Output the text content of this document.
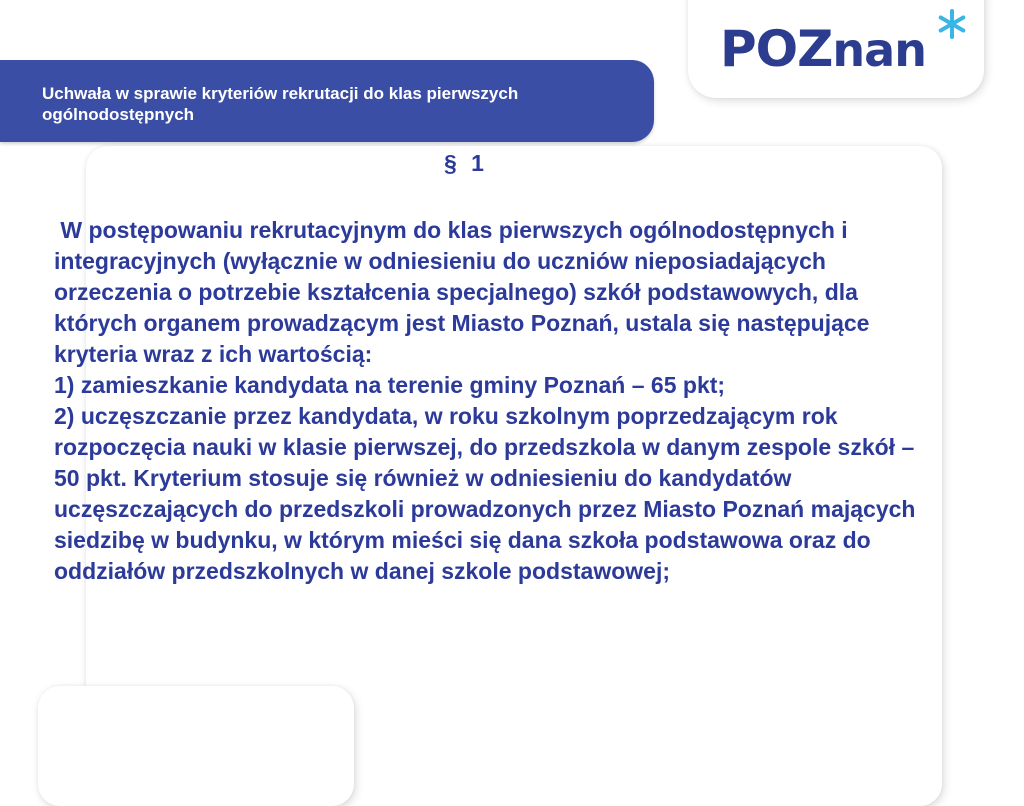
POZnan
Uchwała w sprawie kryteriów rekrutacji do klas pierwszych
ogólnodostępnych
§ 1

W postępowaniu rekrutacyjnym do klas pierwszych ogólnodostępnych i integracyjnych (wyłącznie w odniesieniu do uczniów nieposiadających orzeczenia o potrzebie kształcenia specjalnego) szkół podstawowych, dla których organem prowadzącym jest Miasto Poznań, ustala się następujące kryteria wraz z ich wartością:

1) zamieszkanie kandydata na terenie gminy Poznań – 65 pkt;

2) uczęszczanie przez kandydata, w roku szkolnym poprzedzającym rok rozpoczęcia nauki w klasie pierwszej, do przedszkola w danym zespole szkół – 50 pkt. Kryterium stosuje się również w odniesieniu do kandydatów uczęszczających do przedszkoli prowadzonych przez Miasto Poznań mających siedzibę w budynku, w którym mieści się dana szkoła podstawowa oraz do oddziałów przedszkolnych w danej szkole podstawowej;
